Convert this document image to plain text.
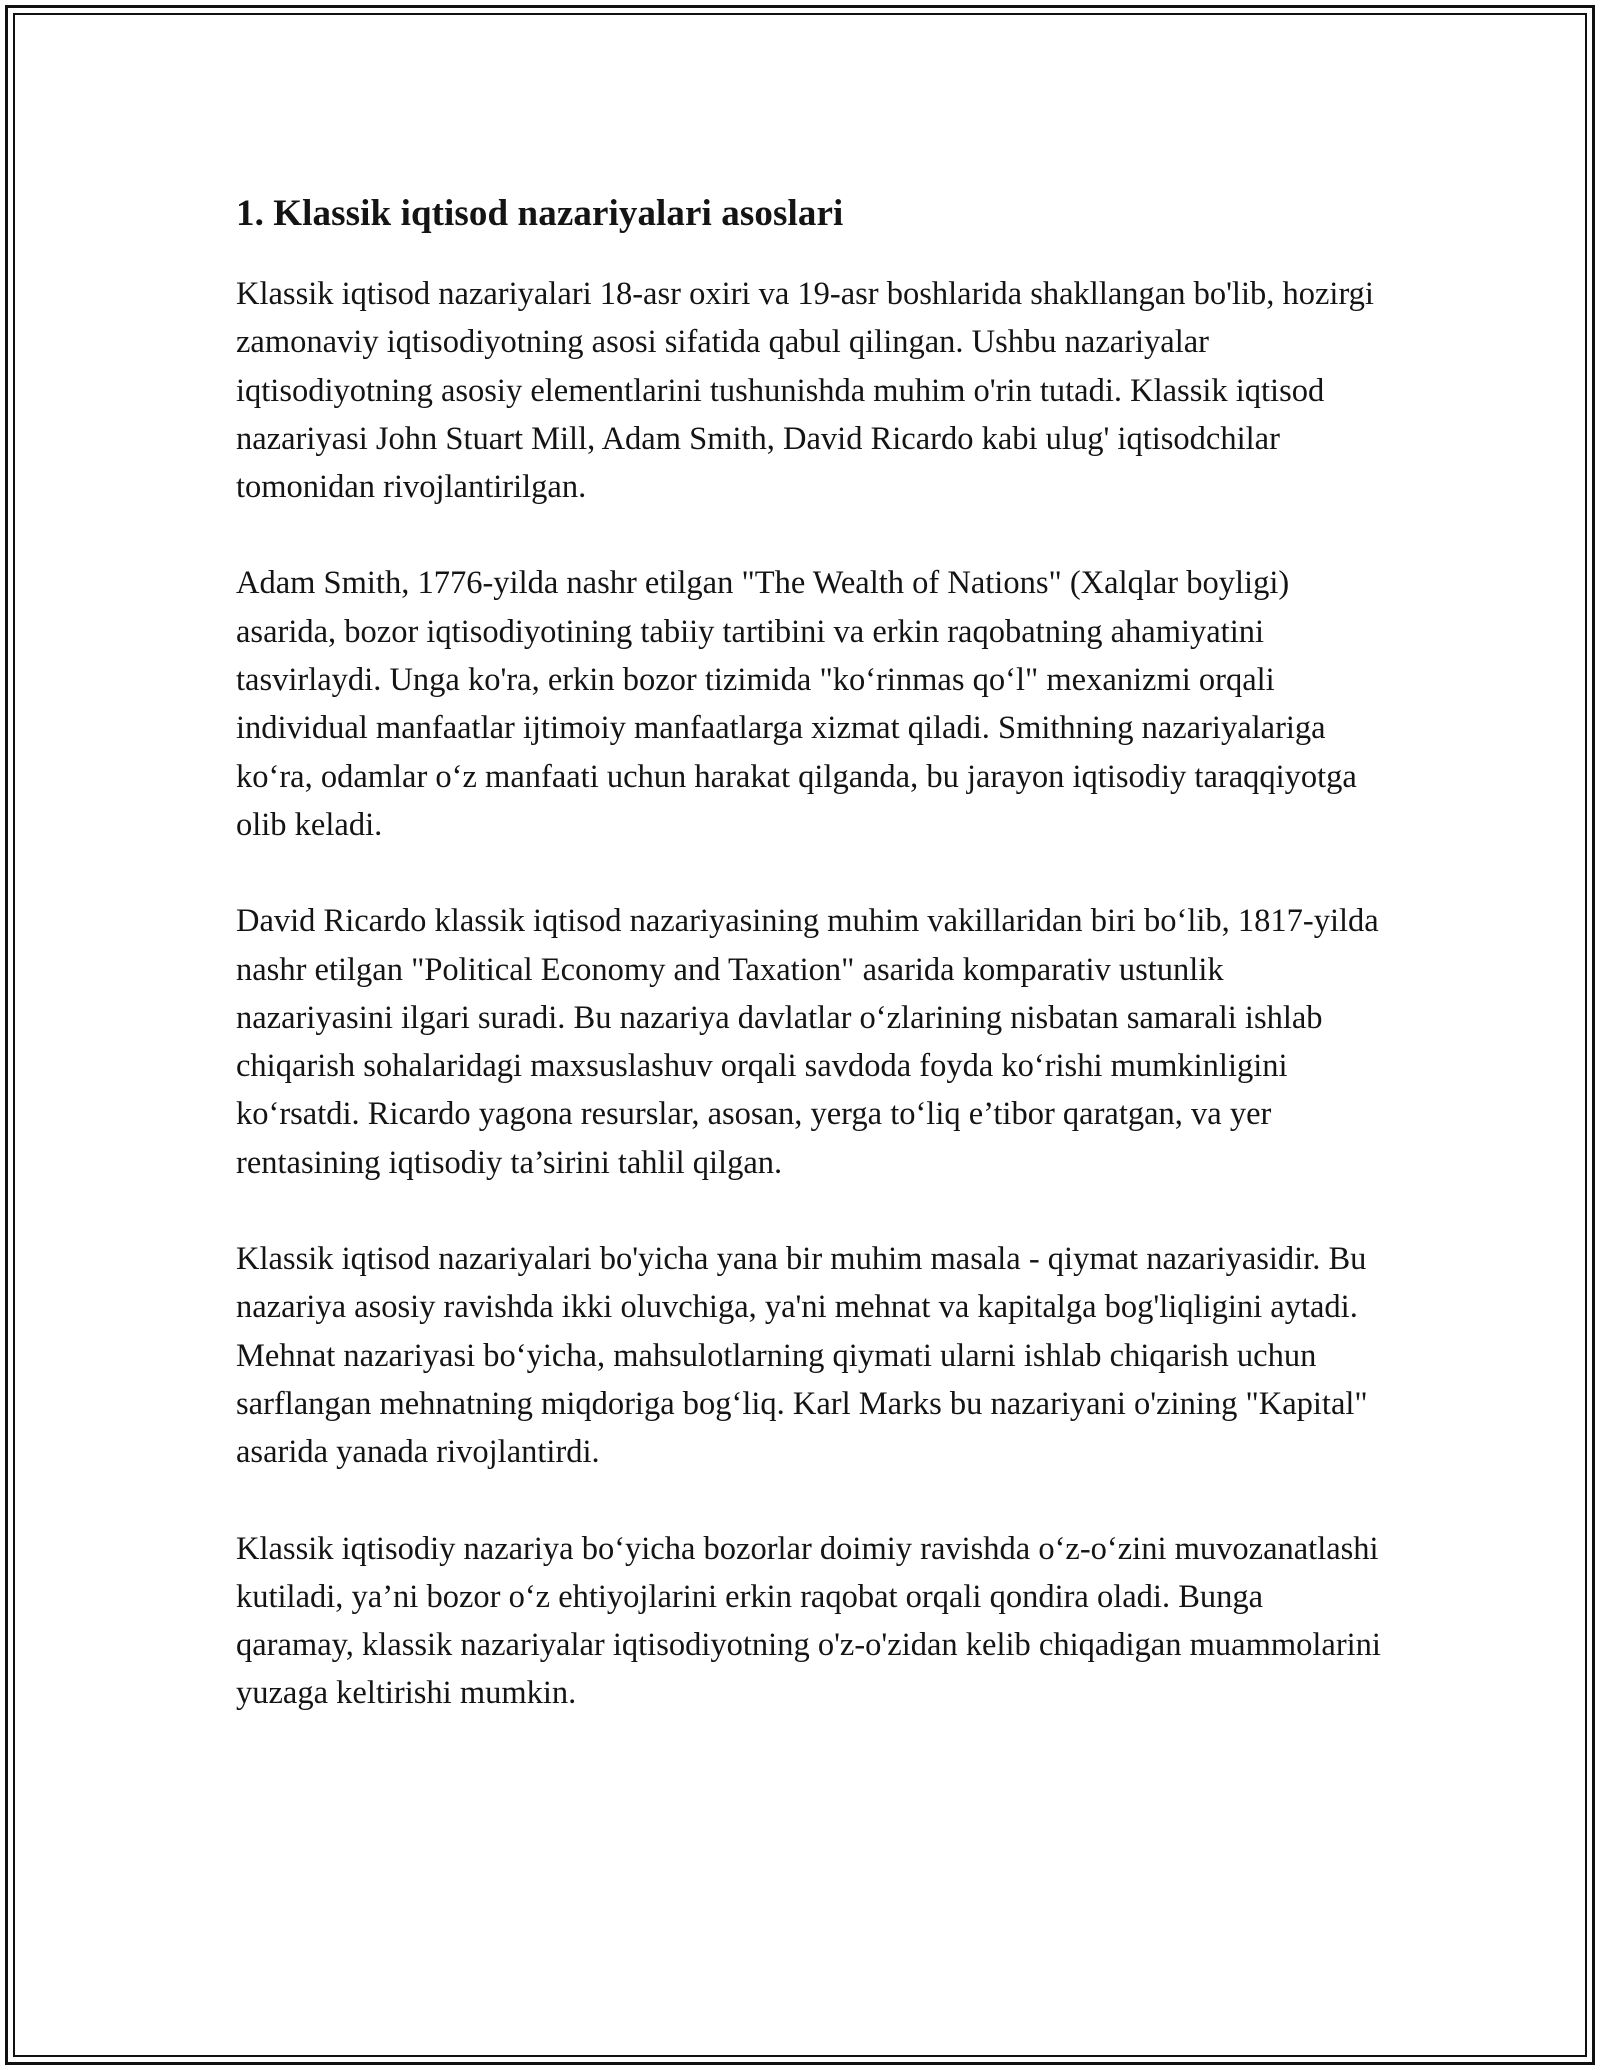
1. Klassik iqtisod nazariyalari asoslari

Klassik iqtisod nazariyalari 18-asr oxiri va 19-asr boshlarida shakllangan bo'lib, hozirgi zamonaviy iqtisodiyotning asosi sifatida qabul qilingan. Ushbu nazariyalar iqtisodiyotning asosiy elementlarini tushunishda muhim o'rin tutadi. Klassik iqtisod nazariyasi John Stuart Mill, Adam Smith, David Ricardo kabi ulug' iqtisodchilar tomonidan rivojlantirilgan.

Adam Smith, 1776-yilda nashr etilgan "The Wealth of Nations" (Xalqlar boyligi) asarida, bozor iqtisodiyotining tabiiy tartibini va erkin raqobatning ahamiyatini tasvirlaydi. Unga ko'ra, erkin bozor tizimida "koʻrinmas qoʻl" mexanizmi orqali individual manfaatlar ijtimoiy manfaatlarga xizmat qiladi. Smithning nazariyalariga koʻra, odamlar oʻz manfaati uchun harakat qilganda, bu jarayon iqtisodiy taraqqiyotga olib keladi.

David Ricardo klassik iqtisod nazariyasining muhim vakillaridan biri boʻlib, 1817-yilda nashr etilgan "Political Economy and Taxation" asarida komparativ ustunlik nazariyasini ilgari suradi. Bu nazariya davlatlar oʻzlarining nisbatan samarali ishlab chiqarish sohalaridagi maxsuslashuv orqali savdoda foyda koʻrishi mumkinligini koʻrsatdi. Ricardo yagona resurslar, asosan, yerga toʻliq e’tibor qaratgan, va yer rentasining iqtisodiy ta’sirini tahlil qilgan.

Klassik iqtisod nazariyalari bo'yicha yana bir muhim masala - qiymat nazariyasidir. Bu nazariya asosiy ravishda ikki oluvchiga, ya'ni mehnat va kapitalga bog'liqligini aytadi. Mehnat nazariyasi boʻyicha, mahsulotlarning qiymati ularni ishlab chiqarish uchun sarflangan mehnatning miqdoriga bogʻliq. Karl Marks bu nazariyani o'zining "Kapital" asarida yanada rivojlantirdi.

Klassik iqtisodiy nazariya boʻyicha bozorlar doimiy ravishda oʻz-oʻzini muvozanatlashi kutiladi, ya’ni bozor oʻz ehtiyojlarini erkin raqobat orqali qondira oladi. Bunga qaramay, klassik nazariyalar iqtisodiyotning o'z-o'zidan kelib chiqadigan muammolarini yuzaga keltirishi mumkin.
